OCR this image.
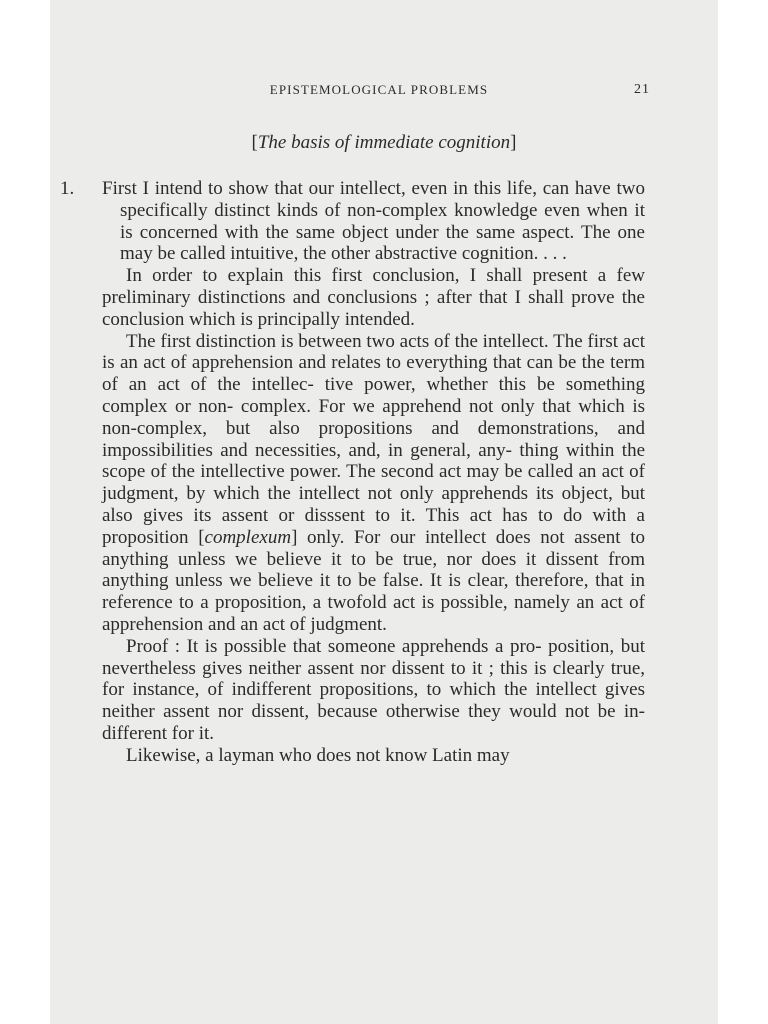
EPISTEMOLOGICAL PROBLEMS	21
[The basis of immediate cognition]

1. First I intend to show that our intellect, even in this life, can have two specifically distinct kinds of non-complex knowledge even when it is concerned with the same object under the same aspect. The one may be called intuitive, the other abstractive cognition. . . .

In order to explain this first conclusion, I shall present a few preliminary distinctions and conclusions ; after that I shall prove the conclusion which is principally intended.

The first distinction is between two acts of the intellect. The first act is an act of apprehension and relates to everything that can be the term of an act of the intellec- tive power, whether this be something complex or non- complex. For we apprehend not only that which is non-complex, but also propositions and demonstrations, and impossibilities and necessities, and, in general, any- thing within the scope of the intellective power. The second act may be called an act of judgment, by which the intellect not only apprehends its object, but also gives its assent or disssent to it. This act has to do with a proposition [complexum] only. For our intellect does not assent to anything unless we believe it to be true, nor does it dissent from anything unless we believe it to be false. It is clear, therefore, that in reference to a proposition, a twofold act is possible, namely an act of apprehension and an act of judgment.

Proof : It is possible that someone apprehends a pro- position, but nevertheless gives neither assent nor dissent to it ; this is clearly true, for instance, of indifferent propositions, to which the intellect gives neither assent nor dissent, because otherwise they would not be in- different for it.

Likewise, a layman who does not know Latin may
